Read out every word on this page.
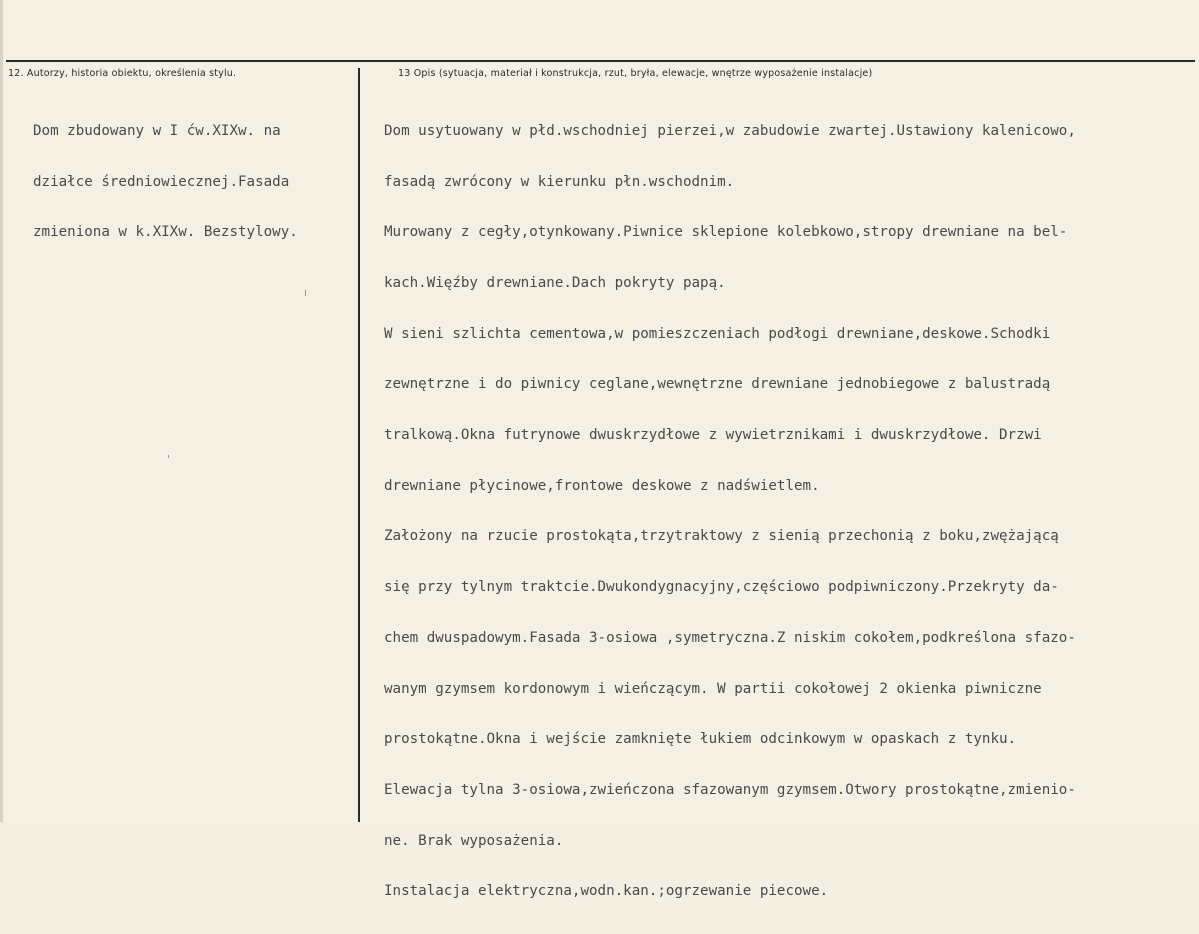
12. Autorzy, historia obiektu, określenia stylu.	13 Opis (sytuacja, materiał i konstrukcja, rzut, bryła, elewacje, wnętrze wyposażenie instalacje)

Dom zbudowany w I ćw.XIXw. na

działce średniowiecznej.Fasada

zmieniona w k.XIXw. Bezstylowy.

Dom usytuowany w płd.wschodniej pierzei,w zabudowie zwartej.Ustawiony kalenicowo,

fasadą zwrócony w kierunku płn.wschodnim.

Murowany z cegły,otynkowany.Piwnice sklepione kolebkowo,stropy drewniane na bel-

kach.Więźby drewniane.Dach pokryty papą.

W sieni szlichta cementowa,w pomieszczeniach podłogi drewniane,deskowe.Schodki

zewnętrzne i do piwnicy ceglane,wewnętrzne drewniane jednobiegowe z balustradą

tralkową.Okna futrynowe dwuskrzydłowe z wywietrznikami i dwuskrzydłowe. Drzwi

drewniane płycinowe,frontowe deskowe z nadświetlem.

Założony na rzucie prostokąta,trzytraktowy z sienią przechonią z boku,zwężającą

się przy tylnym traktcie.Dwukondygnacyjny,częściowo podpiwniczony.Przekryty da-

chem dwuspadowym.Fasada 3-osiowa ,symetryczna.Z niskim cokołem,podkreślona sfazo-

wanym gzymsem kordonowym i wieńczącym. W partii cokołowej 2 okienka piwniczne

prostokątne.Okna i wejście zamknięte łukiem odcinkowym w opaskach z tynku.

Elewacja tylna 3-osiowa,zwieńczona sfazowanym gzymsem.Otwory prostokątne,zmienio-

ne. Brak wyposażenia.

Instalacja elektryczna,wodn.kan.;ogrzewanie piecowe.
